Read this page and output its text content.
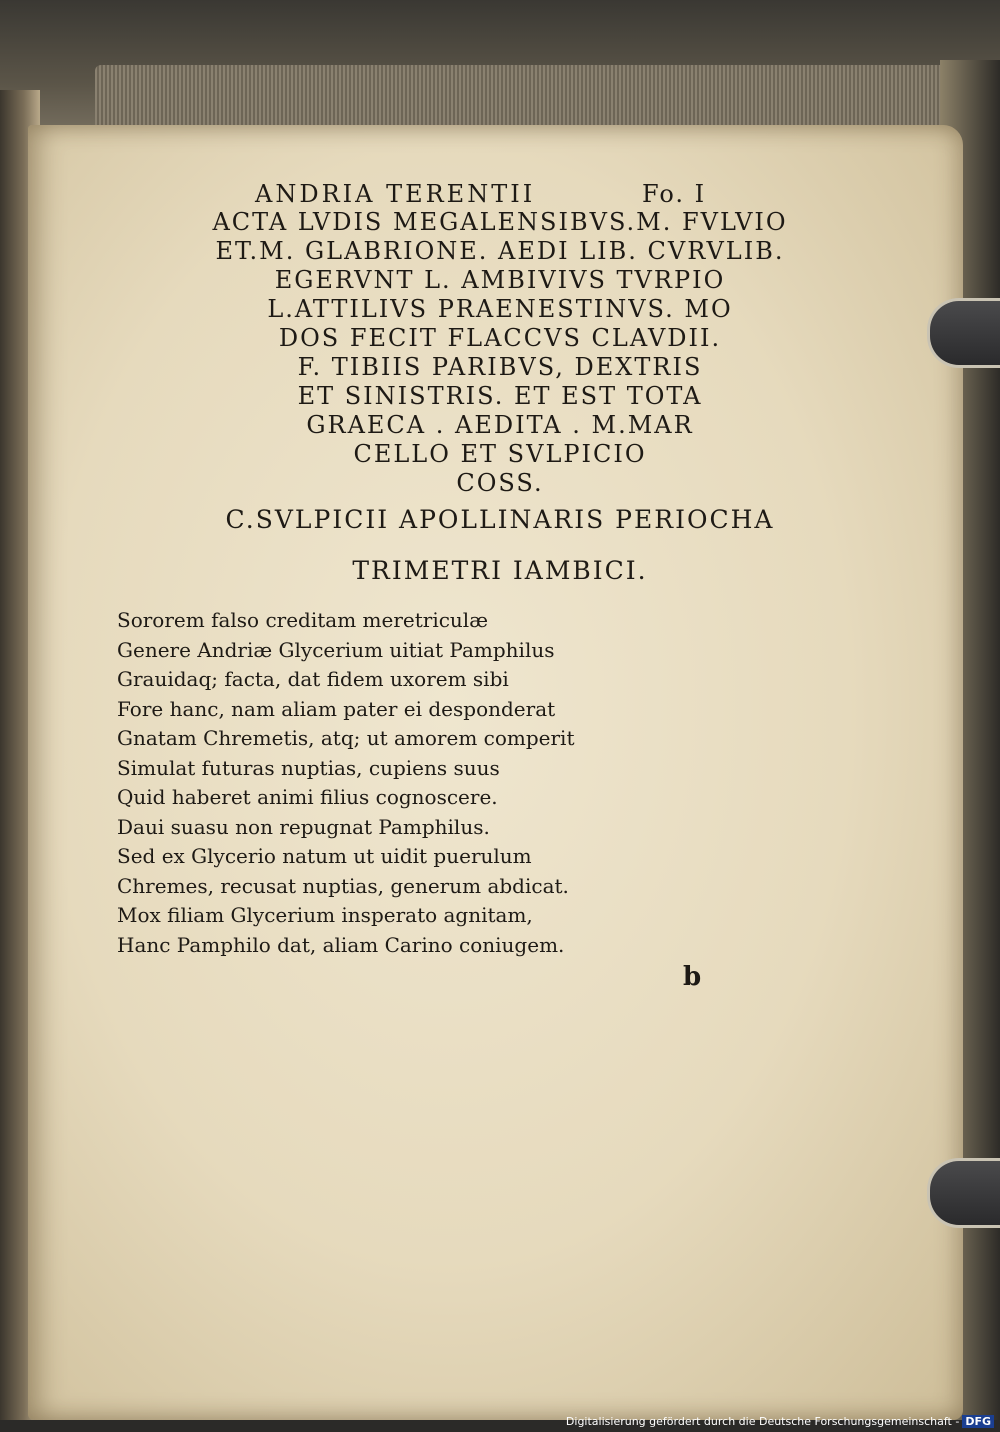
ANDRIA TERENTII	Fo. I
ACTA LVDIS MEGALENSIBVS.M. FVLVIO
ET.M. GLABRIONE. AEDI LIB. CVRVLIB.
EGERVNT L. AMBIVIVS TVRPIO
L.ATTILIVS PRAENESTINVS. MO
DOS FECIT FLACCVS CLAVDII.
F. TIBIIS PARIBVS, DEXTRIS
ET SINISTRIS. ET EST TOTA
GRAECA . AEDITA . M.MAR
CELLO ET SVLPICIO
COSS.
C.SVLPICII APOLLINARIS PERIOCHA
TRIMETRI IAMBICI.
Sororem falso creditam meretriculæ
Genere Andriæ Glycerium uitiat Pamphilus
Grauidaq; facta, dat fidem uxorem sibi
Fore hanc, nam aliam pater ei desponderat
Gnatam Chremetis, atq; ut amorem comperit
Simulat futuras nuptias, cupiens suus
Quid haberet animi filius cognoscere.
Daui suasu non repugnat Pamphilus.
Sed ex Glycerio natum ut uidit puerulum
Chremes, recusat nuptias, generum abdicat.
Mox filiam Glycerium insperato agnitam,
Hanc Pamphilo dat, aliam Carino coniugem.
b
Digitalisierung gefördert durch die Deutsche Forschungsgemeinschaft - DFG
